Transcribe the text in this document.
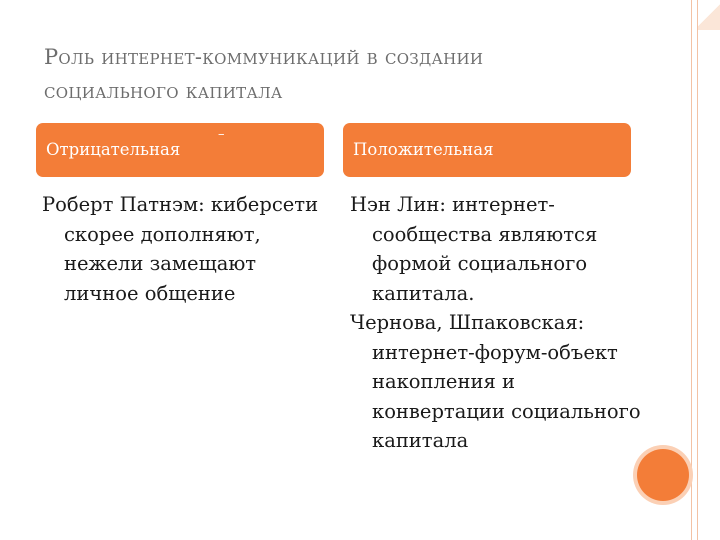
Роль интернет-коммуникаций в создании
социального капитала
Отрицательная
–
Положительная

Роберт Патнэм: киберсети скорее дополняют, нежели замещают личное общение

Нэн Лин: интернет-сообщества являются формой социального капитала.

Чернова, Шпаковская: интернет-форум-объект накопления и конвертации социального капитала
